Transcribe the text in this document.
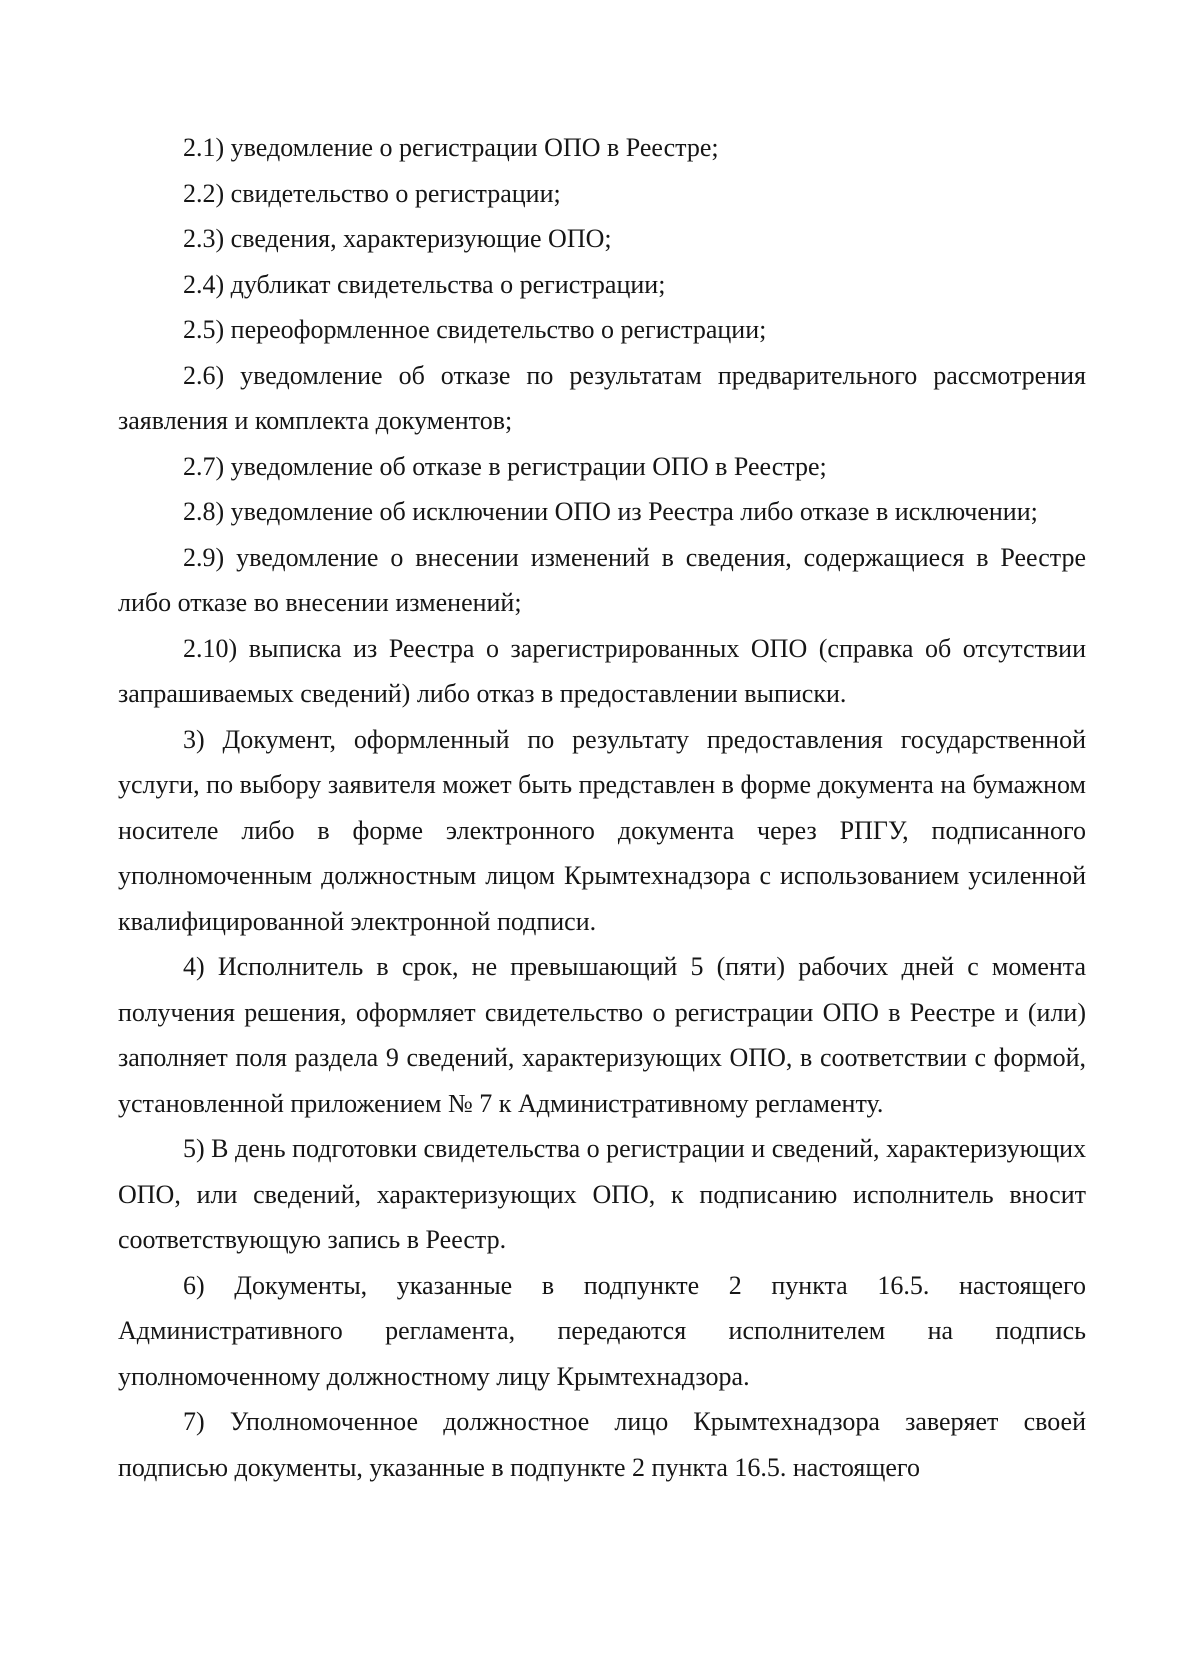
2.1) уведомление о регистрации ОПО в Реестре;

2.2) свидетельство о регистрации;

2.3) сведения, характеризующие ОПО;

2.4) дубликат свидетельства о регистрации;

2.5) переоформленное свидетельство о регистрации;

2.6) уведомление об отказе по результатам предварительного рассмотрения заявления и комплекта документов;

2.7) уведомление об отказе в регистрации ОПО в Реестре;

2.8) уведомление об исключении ОПО из Реестра либо отказе в исключении;

2.9) уведомление о внесении изменений в сведения, содержащиеся в Реестре либо отказе во внесении изменений;

2.10) выписка из Реестра о зарегистрированных ОПО (справка об отсутствии запрашиваемых сведений) либо отказ в предоставлении выписки.

3) Документ, оформленный по результату предоставления государственной услуги, по выбору заявителя может быть представлен в форме документа на бумажном носителе либо в форме электронного документа через РПГУ, подписанного уполномоченным должностным лицом Крымтехнадзора с использованием усиленной квалифицированной электронной подписи.

4) Исполнитель в срок, не превышающий 5 (пяти) рабочих дней с момента получения решения, оформляет свидетельство о регистрации ОПО в Реестре и (или) заполняет поля раздела 9 сведений, характеризующих ОПО, в соответствии с формой, установленной приложением № 7 к Административному регламенту.

5) В день подготовки свидетельства о регистрации и сведений, характеризующих ОПО, или сведений, характеризующих ОПО, к подписанию исполнитель вносит соответствующую запись в Реестр.

6) Документы, указанные в подпункте 2 пункта 16.5. настоящего Административного регламента, передаются исполнителем на подпись уполномоченному должностному лицу Крымтехнадзора.

7) Уполномоченное должностное лицо Крымтехнадзора заверяет своей подписью документы, указанные в подпункте 2 пункта 16.5. настоящего
